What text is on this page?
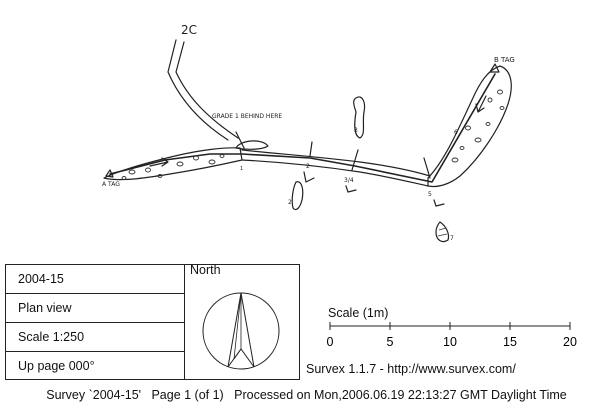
2C
GRADE 1 BEHIND HERE
A TAG
B TAG
2
3/4
5
6
3
2
7
1
2004-15
Plan view
Scale 1:250
Up page 000°
North
Scale (1m)
0	5	10	15	20
Survex 1.1.7 - http://www.survex.com/
Survey `2004-15'   Page 1 (of 1)   Processed on Mon,2006.06.19 22:13:27 GMT Daylight Time
